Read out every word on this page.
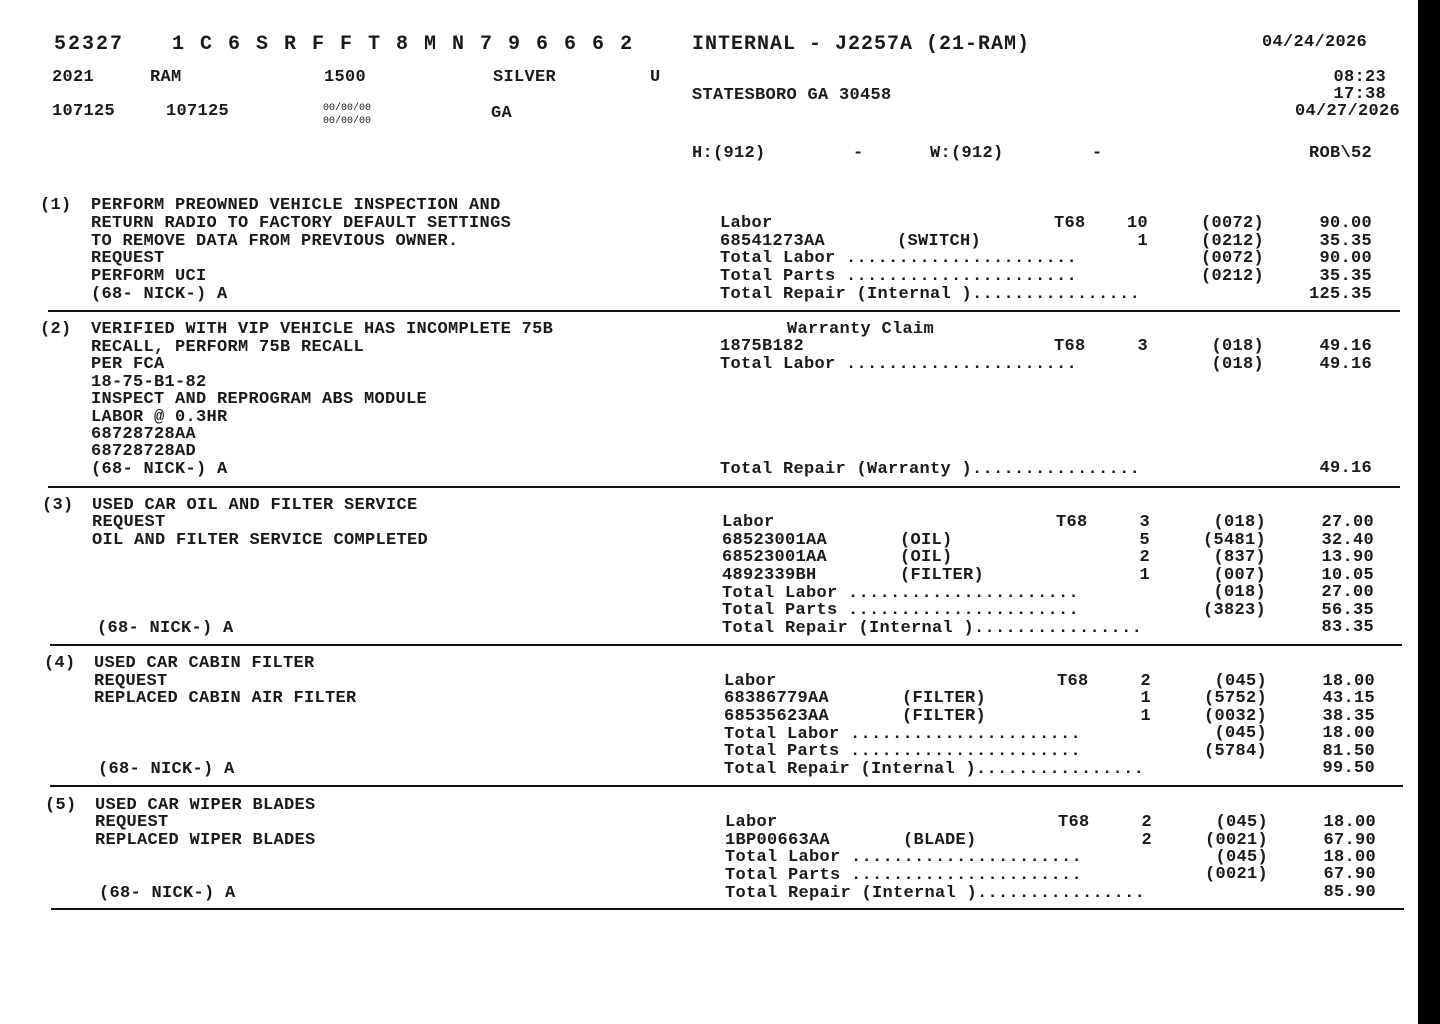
52327 1 C 6 S R F F T 8 M N 7 9 6 6 6 2	INTERNAL - J2257A (21-RAM)	04/24/2026
2021	RAM	1500	SILVER	U	08:23
STATESBORO GA 30458	17:38
107125	107125	00/00/00
00/00/00	GA	04/27/2026
H:(912)	-	W:(912)	-	ROB\52
(1) PERFORM PREOWNED VEHICLE INSPECTION AND
RETURN RADIO TO FACTORY DEFAULT SETTINGS
TO REMOVE DATA FROM PREVIOUS OWNER.
REQUEST
PERFORM UCI
(68- NICK-) A
Labor	T68	10	(0072)	90.00
68541273AA	(SWITCH)	1	(0212)	35.35
Total Labor ......................	(0072)	90.00
Total Parts ......................	(0212)	35.35
Total Repair (Internal )................	125.35
(2) VERIFIED WITH VIP VEHICLE HAS INCOMPLETE 75B
RECALL, PERFORM 75B RECALL
PER FCA
18-75-B1-82
INSPECT AND REPROGRAM ABS MODULE
LABOR @ 0.3HR
68728728AA
68728728AD
(68- NICK-) A
Warranty Claim
1875B182	T68	3	(018)	49.16
Total Labor ......................	(018)	49.16
Total Repair (Warranty )................	49.16
(3) USED CAR OIL AND FILTER SERVICE
REQUEST
OIL AND FILTER SERVICE COMPLETED
(68- NICK-) A
Labor	T68	3	(018)	27.00
68523001AA	(OIL)	5	(5481)	32.40
68523001AA	(OIL)	2	(837)	13.90
4892339BH	(FILTER)	1	(007)	10.05
Total Labor ......................	(018)	27.00
Total Parts ......................	(3823)	56.35
Total Repair (Internal )................	83.35
(4) USED CAR CABIN FILTER
REQUEST
REPLACED CABIN AIR FILTER
(68- NICK-) A
Labor	T68	2	(045)	18.00
68386779AA	(FILTER)	1	(5752)	43.15
68535623AA	(FILTER)	1	(0032)	38.35
Total Labor ......................	(045)	18.00
Total Parts ......................	(5784)	81.50
Total Repair (Internal )................	99.50
(5) USED CAR WIPER BLADES
REQUEST
REPLACED WIPER BLADES
(68- NICK-) A
Labor	T68	2	(045)	18.00
1BP00663AA	(BLADE)	2	(0021)	67.90
Total Labor ......................	(045)	18.00
Total Parts ......................	(0021)	67.90
Total Repair (Internal )................	85.90
